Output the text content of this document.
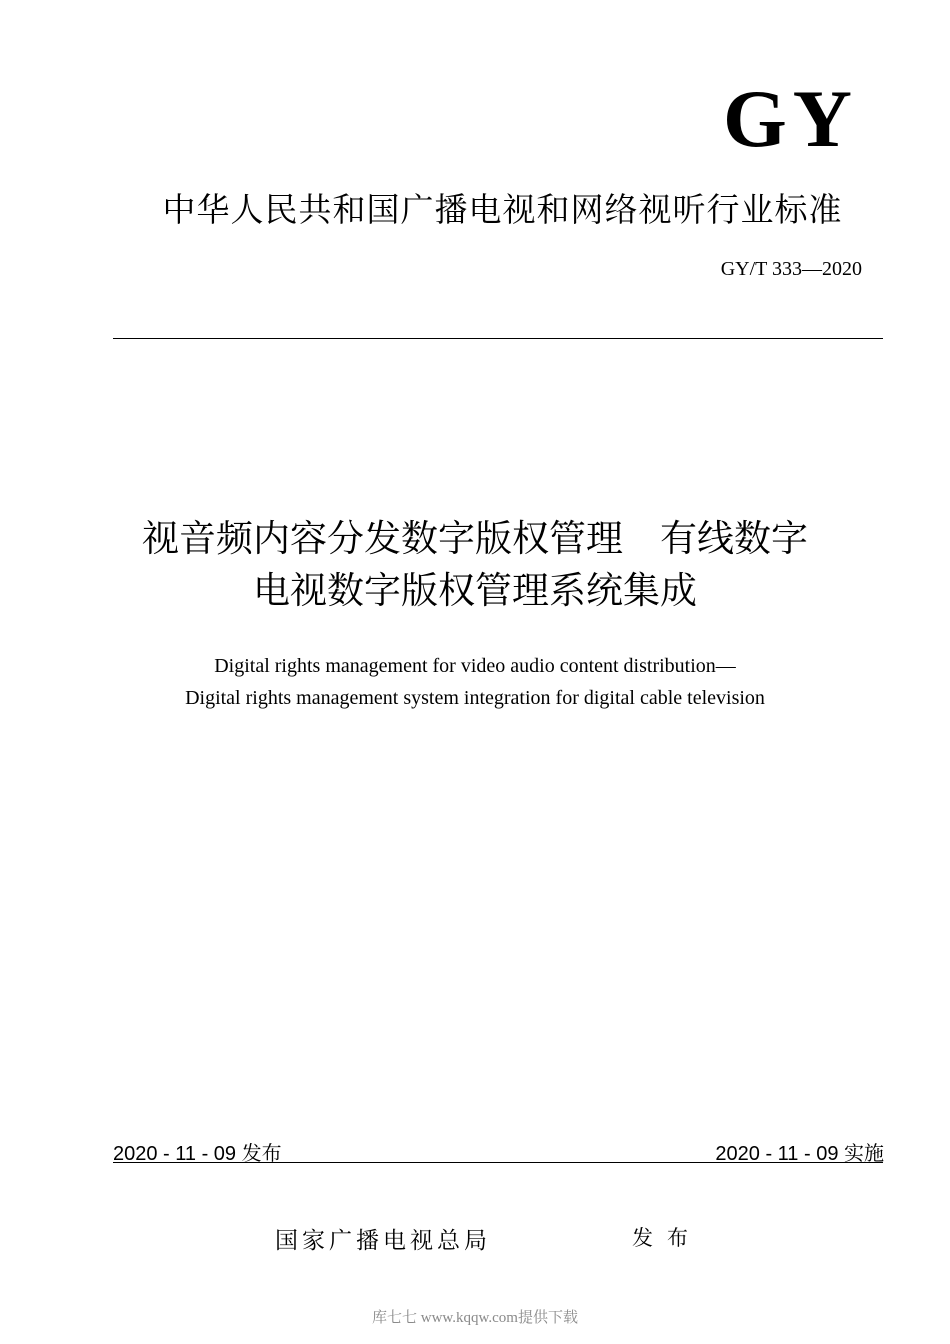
GY
中华人民共和国广播电视和网络视听行业标准
GY/T 333—2020
视音频内容分发数字版权管理　有线数字
电视数字版权管理系统集成
Digital rights management for video audio content distribution—
Digital rights management system integration for digital cable television
2020 - 11 - 09 发布	2020 - 11 - 09 实施
国家广播电视总局	发布
库七七 www.kqqw.com提供下载
